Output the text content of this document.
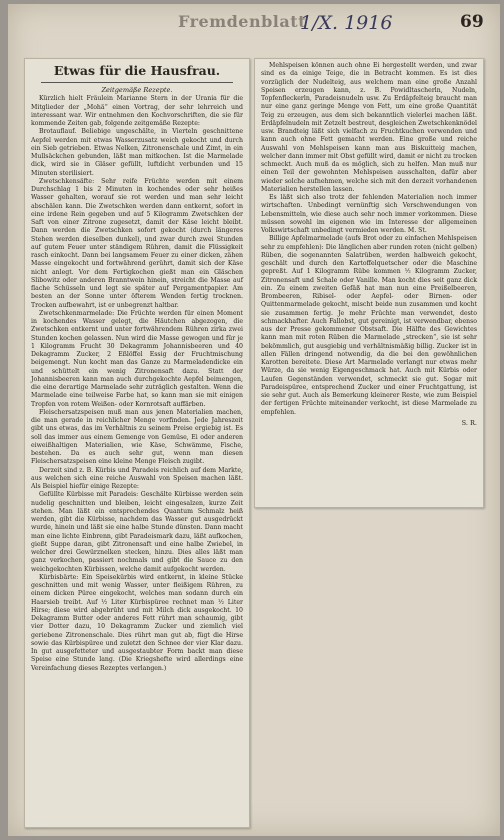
Fremdenblatt
1/X. 1916	69
Etwas für die Hausfrau.
Zeitgemäße Rezepte.

Kürzlich hielt Fräulein Marianne Stern in der Urania für die Mitglieder der „Mohä“ einen Vortrag, der sehr lehrreich und interessant war. Wir entnehmen den Kochvorschriften, die sie für kommende Zeiten gab, folgende zeitgemäße Rezepte:

Brotauflauf. Beliebige ungeschälte, in Vierteln geschnittene Aepfel werden mit etwas Wasserzusatz weich gekocht und durch ein Sieb getrieben. Etwas Nelken, Zitronenschale und Zimt, in ein Mullsäckchen gebunden, läßt man mitkochen. Ist die Marmelade dick, wird sie in Gläser gefüllt, luftdicht verbunden und 15 Minuten sterilisiert.

Zwetschkensäfte: Sehr reife Früchte werden mit einem Durchschlag 1 bis 2 Minuten in kochendes oder sehr heißes Wasser gehalten, worauf sie rot werden und man sehr leicht abschälen kann. Die Zwetschken werden dann entkernt, sofort in eine irdene Rein gegeben und auf 5 Kilogramm Zwetschken der Saft von einer Zitrone zugesetzt, damit der Käse leicht bleibt. Dann werden die Zwetschken sofort gekocht (durch längeres Stehen werden dieselben dunkel), und zwar durch zwei Stunden auf gutem Feuer unter ständigem Rühren, damit die Flüssigkeit rasch einkocht. Dann bei langsamem Feuer zu einer dicken, zähen Masse eingekocht und fortwährend gerührt, damit sich der Käse nicht anlegt. Vor dem Fertigkochen gießt man ein Gläschen Slibowitz oder anderen Branntwein hinein, streicht die Masse auf flache Schüsseln und legt sie später auf Pergamentpapier. Am besten an der Sonne unter öfterem Wenden fertig trocknen. Trocken aufbewahrt, ist er unbegrenzt haltbar.

Zwetschkenmarmelade: Die Früchte werden für einen Moment in kochendes Wasser gelegt, die Häutchen abgezogen, die Zwetschken entkernt und unter fortwährendem Rühren zirka zwei Stunden kochen gelassen. Nun wird die Masse gewogen und für je 1 Kilogramm Frucht 30 Dekagramm Johannisbeeren und 40 Dekagramm Zucker, 2 Eßlöffel Essig der Fruchtmischung beigemengt. Nun kocht man das Ganze zu Marmeladendicke ein und schüttelt ein wenig Zitronensaft dazu. Statt der Johannisbeeren kann man auch durchgekochte Aepfel beimengen, die eine derartige Marmelade sehr zuträglich gestalten. Wenn die Marmelade eine teilweise Farbe hat, so kann man sie mit einigen Tropfen von rotem Weißen- oder Kornrotsaft auffärben.

Fleischersatzspeisen muß man aus jenen Materialien machen, die man gerade in reichlicher Menge vorfinden. Jede Jahreszeit gibt uns etwas, das im Verhältnis zu seinem Preise ergiebig ist. Es soll das immer aus einem Gemenge von Gemüse, Ei oder anderen eiweißhaltigen Materialien, wie Käse, Schwämme, Fische, bestehen. Da es auch sehr gut, wenn man diesen Fleischersatzspeisen eine kleine Menge Fleisch zugibt.

Derzeit sind z. B. Kürbis und Paradeis reichlich auf dem Markte, aus welchen sich eine reiche Auswahl von Speisen machen läßt. Als Beispiel hiefür einige Rezepte:

Gefüllte Kürbisse mit Paradeis: Geschälte Kürbisse werden sein nudelig geschnitten und bleiben, leicht eingesalzen, kurze Zeit stehen. Man läßt ein entsprechendes Quantum Schmalz heiß werden, gibt die Kürbisse, nachdem das Wasser gut ausgedrückt wurde, hinein und läßt sie eine halbe Stunde dünsten. Dann macht man eine lichte Einbrenn, gibt Paradeismark dazu, läßt aufkochen, gießt Suppe daran, gibt Zitronensaft und eine halbe Zwiebel, in welcher drei Gewürznelken stecken, hinzu. Dies alles läßt man ganz verkochen, passiert nochmals und gibt die Sauce zu den weichgekochten Kürbissen, welche damit aufgekocht werden.

Kürbisbärte: Ein Speisekürbis wird entkernt, in kleine Stücke geschnitten und mit wenig Wasser, unter fleißigem Rühren, zu einem dicken Püree eingekocht, welches man sodann durch ein Haarsieb treibt. Auf ½ Liter Kürbispüree rechnet man ½ Liter Hirse; diese wird abgebrüht und mit Milch dick ausgekocht. 10 Dekagramm Butter oder anderes Fett rührt man schaumig, gibt vier Dotter dazu, 10 Dekagramm Zucker und ziemlich viel geriebene Zitronenschale. Dies rührt man gut ab, fügt die Hirse sowie das Kürbispüree und zuletzt den Schnee der vier Klar dazu. In gut ausgefetteter und ausgestaubter Form backt man diese Speise eine Stunde lang. (Die Kriegshefte wird allerdings eine Vereinfachung dieses Rezeptes verlangen.)

Mehlspeisen können auch ohne Ei hergestellt werden, und zwar sind es da einige Teige, die in Betracht kommen. Es ist dies vorzüglich der Nudelteig, aus welchem man eine große Anzahl Speisen erzeugen kann, z. B. Powidltascherln, Nudeln, Topfenfleckerln, Paradeisnudeln usw. Zu Erdäpfelteig braucht man nur eine ganz geringe Menge von Fett, um eine große Quantität Teig zu erzeugen, aus dem sich bekanntlich vielerlei machen läßt. Erdäpfelnudeln mit Zetzelt bestreut, desgleichen Zwetschkenknödel usw. Brandteig läßt sich vielfach zu Fruchtkuchen verwenden und kann auch ohne Fett gemacht werden. Eine große und reiche Auswahl von Mehlspeisen kann man aus Biskuitteig machen, welcher dann immer mit Obst gefüllt wird, damit er nicht zu trocken schmeckt. Auch muß da es möglich, sich zu helfen. Man muß nur einen Teil der gewohnten Mehlspeisen ausschalten, dafür aber wieder solche aufnehmen, welche sich mit den derzeit vorhandenen Materialien herstellen lassen.

Es läßt sich also trotz der fehlenden Materialien noch immer wirtschaften. Unbedingt vernünftig sich Verschwendungen von Lebensmitteln, wie diese auch sehr noch immer vorkommen. Diese müssen sowohl im eigenen wie im Interesse der allgemeinen Volkswirtschaft unbedingt vermieden werden. M. St.

Billige Apfelmarmelade (aufs Brot oder zu einfachen Mehlspeisen sehr zu empfehlen): Die länglichen aber runden roten (nicht gelben) Rüben, die sogenannten Salatrüben, werden halbweich gekocht, geschält und durch den Kartoffelquetscher oder die Maschine gepreßt. Auf 1 Kilogramm Rübe kommen ½ Kilogramm Zucker, Zitronensaft und Schale oder Vanille. Man kocht dies seit ganz dick ein. Zu einem zweiten Gefäß hat man nun eine Preißelbeeren, Brombeeren, Ribisel- oder Aepfel- oder Birnen- oder Quittenmarmelade gekocht, mischt beide nun zusammen und kocht sie zusammen fertig. Je mehr Früchte man verwendet, desto schmackhafter. Auch Fallobst, gut gereinigt, ist verwendbar, ebenso aus der Presse gekommener Obstsaft. Die Hälfte des Gewichtes kann man mit roten Rüben die Marmelade „strecken“, sie ist sehr bekömmlich, gut ausgiebig und verhältnismäßig billig. Zucker ist in allen Fällen dringend notwendig, da die bei den gewöhnlichen Karotten bereitete. Diese Art Marmelade verlangt nur etwas mehr Würze, da sie wenig Eigengeschmack hat. Auch mit Kürbis oder Laufen Gegenständen verwendet, schmeckt sie gut. Sogar mit Paradeispüree, entsprechend Zucker und einer Fruchtgattung, ist sie sehr gut. Auch als Bemerkung kleinerer Reste, wie zum Beispiel der fertigen Früchte miteinander verkocht, ist diese Marmelade zu empfehlen.

S. R.
